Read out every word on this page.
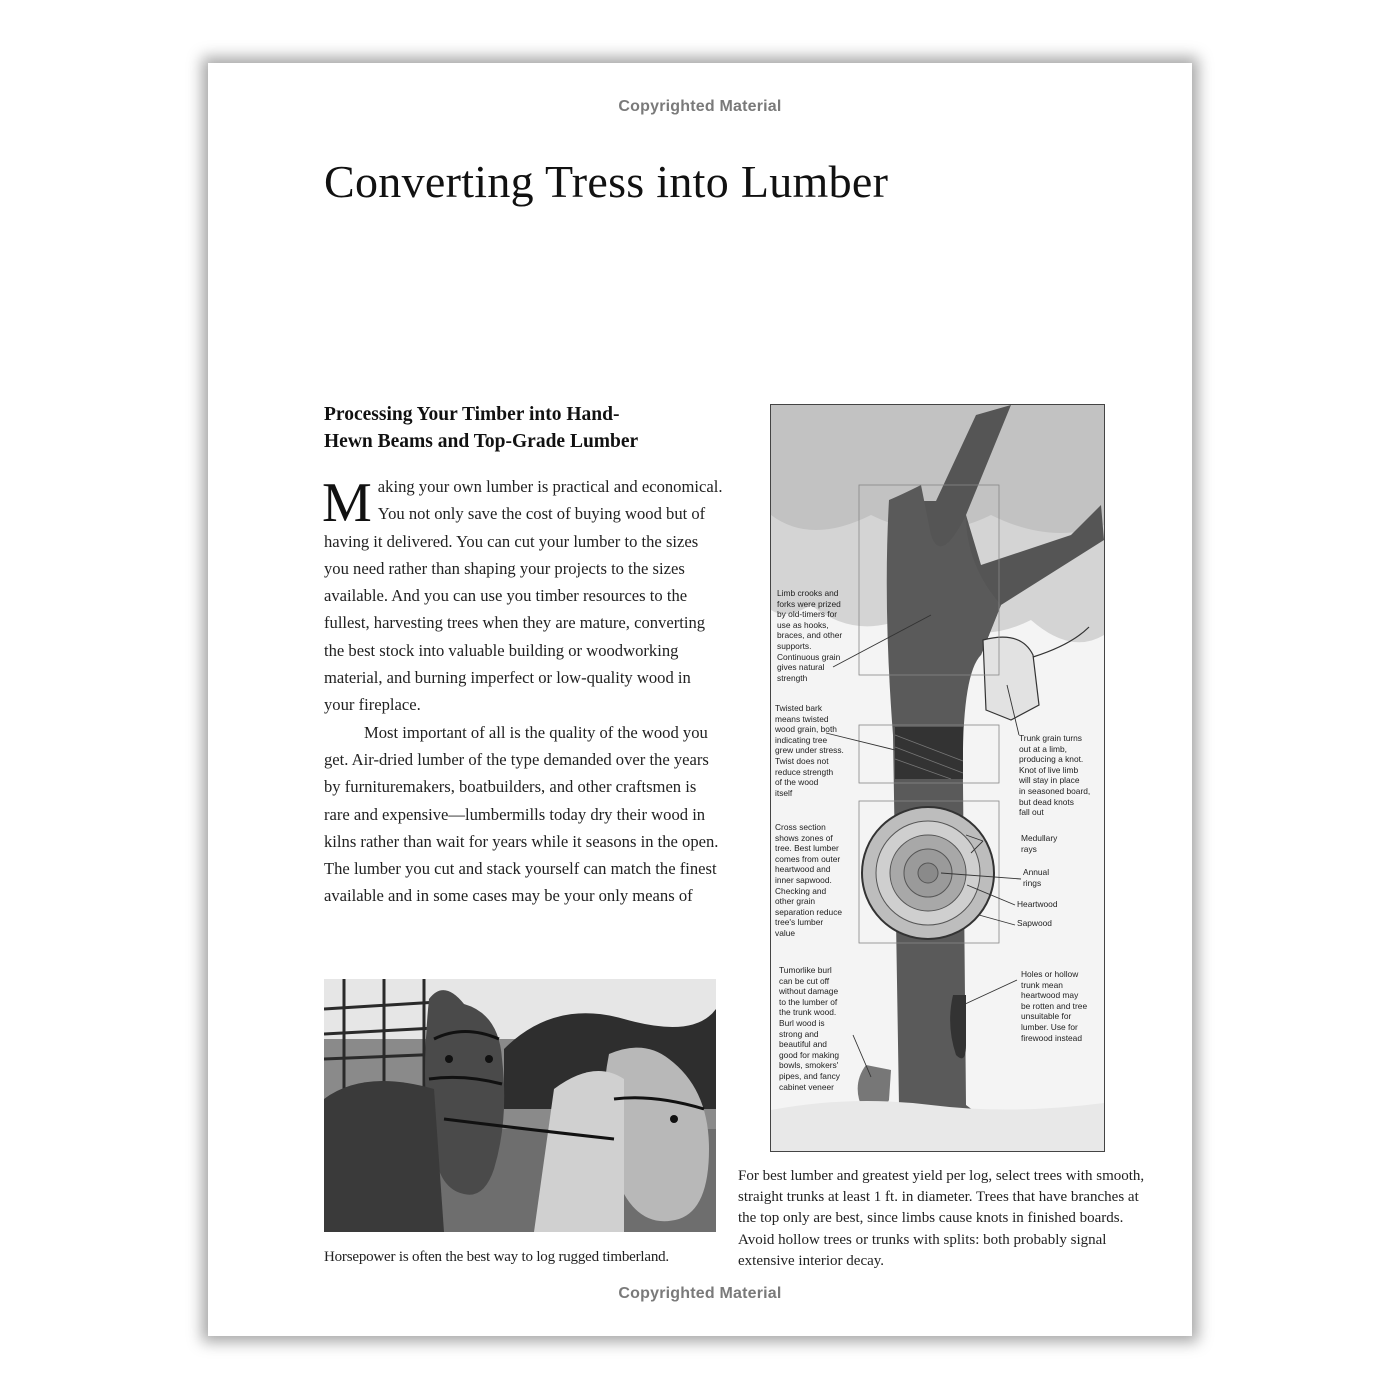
Copyrighted Material
Converting Tress into Lumber
Processing Your Timber into Hand-
Hewn Beams and Top-Grade Lumber

Making your own lumber is practical and economical. You not only save the cost of buying wood but of having it delivered. You can cut your lumber to the sizes you need rather than shaping your projects to the sizes available. And you can use you timber resources to the fullest, harvesting trees when they are mature, converting the best stock into valuable building or woodworking material, and burning imperfect or low-quality wood in your fireplace.

Most important of all is the quality of the wood you get. Air-dried lumber of the type demanded over the years by furnituremakers, boatbuilders, and other craftsmen is rare and expensive—lumbermills today dry their wood in kilns rather than wait for years while it seasons in the open. The lumber you cut and stack yourself can match the finest available and in some cases may be your only means of

Horsepower is often the best way to log rugged timberland.
Limb crooks and
forks were prized
by old-timers for
use as hooks,
braces, and other
supports.
Continuous grain
gives natural
strength
Twisted bark
means twisted
wood grain, both
indicating tree
grew under stress.
Twist does not
reduce strength
of the wood
itself
Trunk grain turns
out at a limb,
producing a knot.
Knot of live limb
will stay in place
in seasoned board,
but dead knots
fall out
Cross section
shows zones of
tree. Best lumber
comes from outer
heartwood and
inner sapwood.
Checking and
other grain
separation reduce
tree's lumber
value
Medullary
rays
Annual
rings
Heartwood
Sapwood
Tumorlike burl
can be cut off
without damage
to the lumber of
the trunk wood.
Burl wood is
strong and
beautiful and
good for making
bowls, smokers'
pipes, and fancy
cabinet veneer
Holes or hollow
trunk mean
heartwood may
be rotten and tree
unsuitable for
lumber. Use for
firewood instead
For best lumber and greatest yield per log, select trees with smooth, straight trunks at least 1 ft. in diameter. Trees that have branches at the top only are best, since limbs cause knots in finished boards. Avoid hollow trees or trunks with splits: both probably signal extensive interior decay.
Copyrighted Material
